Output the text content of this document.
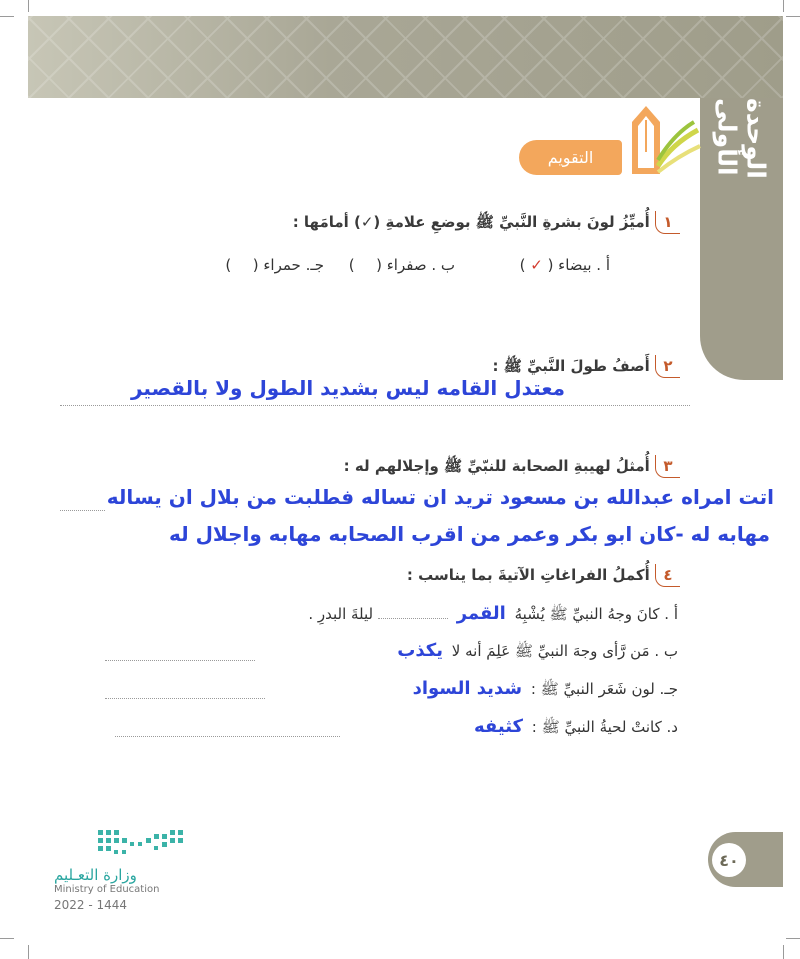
الوحدة الأولى
التقويم
١ أُميِّزُ لونَ بشرةِ النَّبيِّ ﷺ بوضعِ علامةِ (✓) أمامَها :
أ . بيضاء ( ✓ )
ب . صفراء (  )
جـ. حمراء (  )
٢ أَصفُ طولَ النَّبيِّ ﷺ :
معتدل القامه ليس بشديد الطول ولا بالقصير
٣ أُمثلُ لهيبةِ الصحابة للنبّيِّ ﷺ وإجلالهم له :
اتت امراه عبدالله بن مسعود تريد ان تساله فطلبت من بلال ان يساله
مهابه له -كان ابو بكر وعمر من اقرب الصحابه مهابه واجلال له
٤ أُكملُ الفراغاتِ الآتيةَ بما يناسب :
أ . كانَ وجهُ النبيِّ ﷺ يُشْبِهُ القمر  ليلةَ البدرِ .
ب . مَن رَّأى وجهَ النبيِّ ﷺ عَلِمَ أنه لا يكذب
جـ. لون شَعَر النبيِّ ﷺ : شديد السواد
د. كانتْ لحيةُ النبيِّ ﷺ : كثيفه
٤٠
وزارة التعـليم
Ministry of Education
2022 - 1444
